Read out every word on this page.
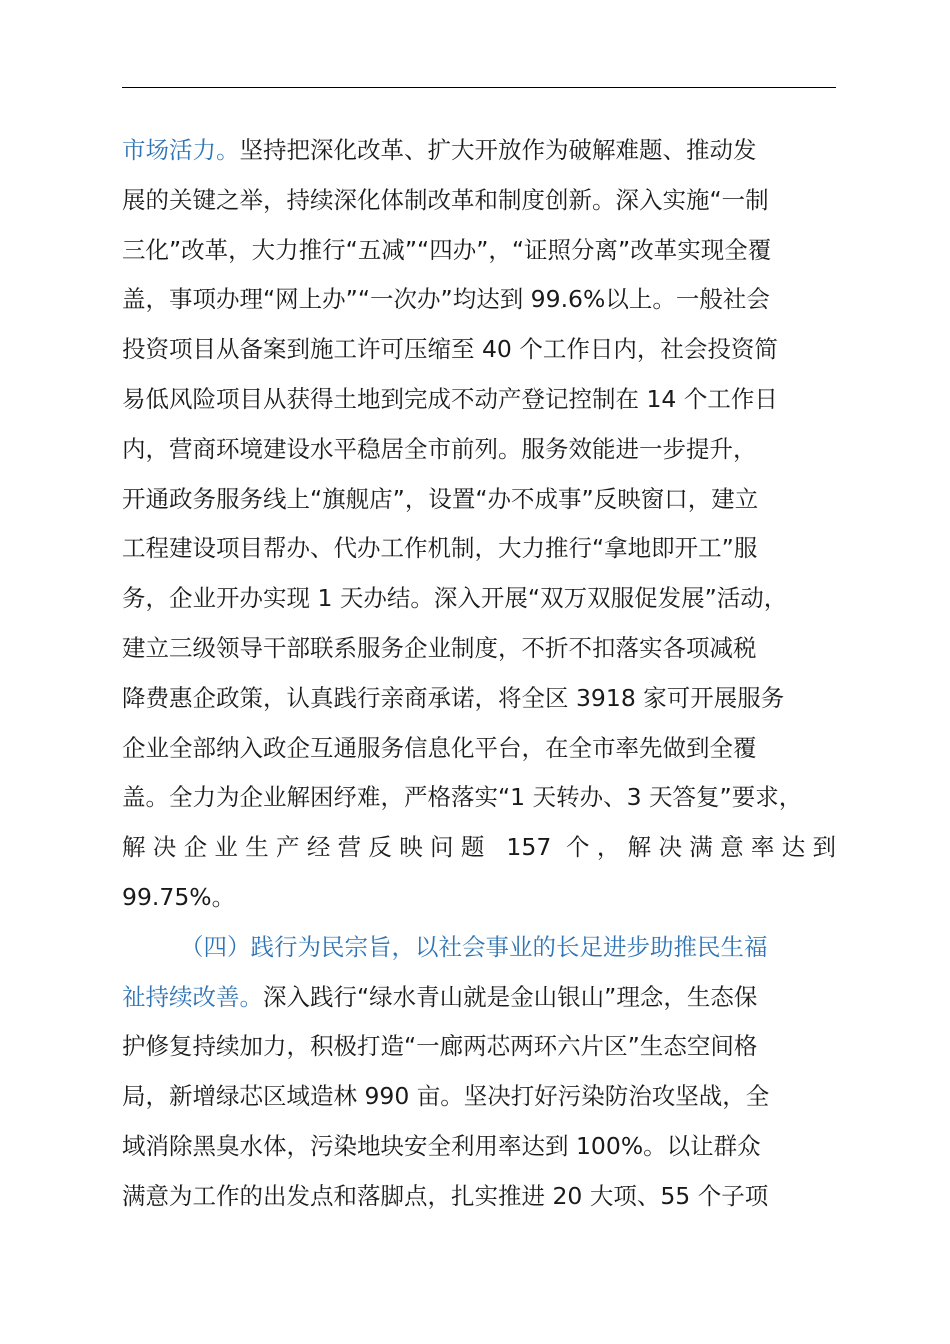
市场活力。坚持把深化改革、扩大开放作为破解难题、推动发
展的关键之举，持续深化体制改革和制度创新。深入实施“一制
三化”改革，大力推行“五减”“四办”，“证照分离”改革实现全覆
盖，事项办理“网上办”“一次办”均达到 99.6%以上。一般社会
投资项目从备案到施工许可压缩至 40 个工作日内，社会投资简
易低风险项目从获得土地到完成不动产登记控制在 14 个工作日
内，营商环境建设水平稳居全市前列。服务效能进一步提升，
开通政务服务线上“旗舰店”，设置“办不成事”反映窗口，建立
工程建设项目帮办、代办工作机制，大力推行“拿地即开工”服
务，企业开办实现 1 天办结。深入开展“双万双服促发展”活动，
建立三级领导干部联系服务企业制度，不折不扣落实各项减税
降费惠企政策，认真践行亲商承诺，将全区 3918 家可开展服务
企业全部纳入政企互通服务信息化平台，在全市率先做到全覆
盖。全力为企业解困纾难，严格落实“1 天转办、3 天答复”要求，
解决企业生产经营反映问题 157 个，解决满意率达到
99.75%。
（四）践行为民宗旨，以社会事业的长足进步助推民生福
祉持续改善。深入践行“绿水青山就是金山银山”理念，生态保
护修复持续加力，积极打造“一廊两芯两环六片区”生态空间格
局，新增绿芯区域造林 990 亩。坚决打好污染防治攻坚战，全
域消除黑臭水体，污染地块安全利用率达到 100%。以让群众
满意为工作的出发点和落脚点，扎实推进 20 大项、55 个子项
